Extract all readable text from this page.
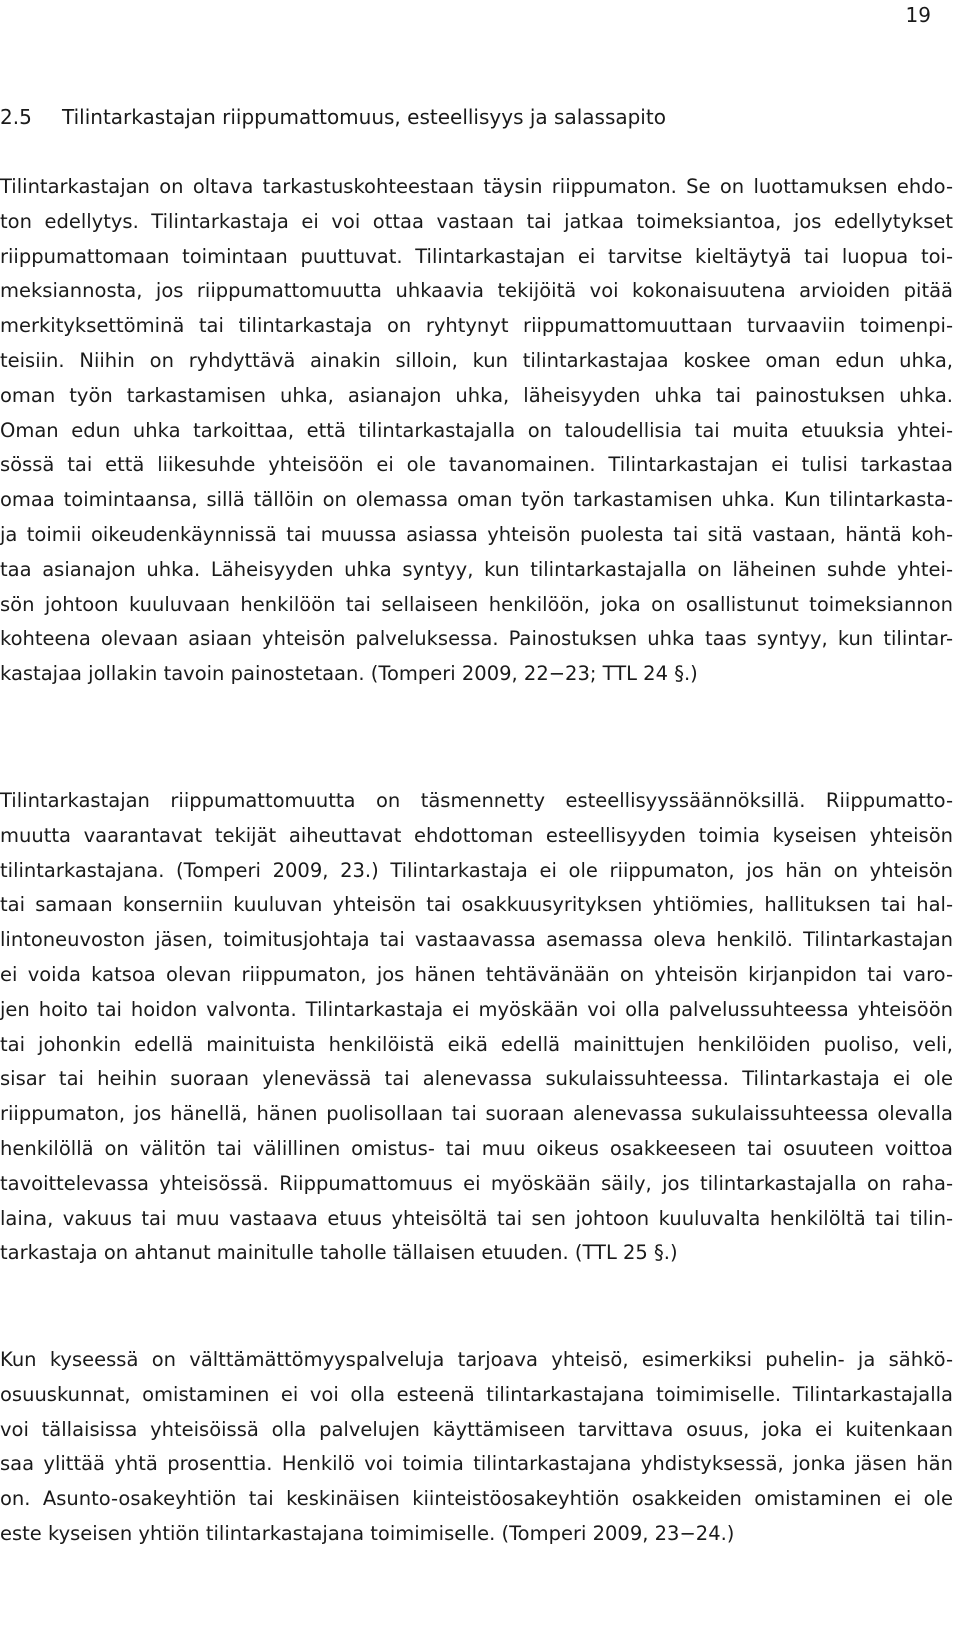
19
2.5 Tilintarkastajan riippumattomuus, esteellisyys ja salassapito
Tilintarkastajan on oltava tarkastuskohteestaan täysin riippumaton. Se on luottamuksen ehdo-
ton edellytys. Tilintarkastaja ei voi ottaa vastaan tai jatkaa toimeksiantoa, jos edellytykset
riippumattomaan toimintaan puuttuvat. Tilintarkastajan ei tarvitse kieltäytyä tai luopua toi-
meksiannosta, jos riippumattomuutta uhkaavia tekijöitä voi kokonaisuutena arvioiden pitää
merkityksettöminä tai tilintarkastaja on ryhtynyt riippumattomuuttaan turvaaviin toimenpi-
teisiin. Niihin on ryhdyttävä ainakin silloin, kun tilintarkastajaa koskee oman edun uhka,
oman työn tarkastamisen uhka, asianajon uhka, läheisyyden uhka tai painostuksen uhka.
Oman edun uhka tarkoittaa, että tilintarkastajalla on taloudellisia tai muita etuuksia yhtei-
sössä tai että liikesuhde yhteisöön ei ole tavanomainen. Tilintarkastajan ei tulisi tarkastaa
omaa toimintaansa, sillä tällöin on olemassa oman työn tarkastamisen uhka. Kun tilintarkasta-
ja toimii oikeudenkäynnissä tai muussa asiassa yhteisön puolesta tai sitä vastaan, häntä koh-
taa asianajon uhka. Läheisyyden uhka syntyy, kun tilintarkastajalla on läheinen suhde yhtei-
sön johtoon kuuluvaan henkilöön tai sellaiseen henkilöön, joka on osallistunut toimeksiannon
kohteena olevaan asiaan yhteisön palveluksessa. Painostuksen uhka taas syntyy, kun tilintar-
kastajaa jollakin tavoin painostetaan. (Tomperi 2009, 22−23; TTL 24 §.)
Tilintarkastajan riippumattomuutta on täsmennetty esteellisyyssäännöksillä. Riippumatto-
muutta vaarantavat tekijät aiheuttavat ehdottoman esteellisyyden toimia kyseisen yhteisön
tilintarkastajana. (Tomperi 2009, 23.) Tilintarkastaja ei ole riippumaton, jos hän on yhteisön
tai samaan konserniin kuuluvan yhteisön tai osakkuusyrityksen yhtiömies, hallituksen tai hal-
lintoneuvoston jäsen, toimitusjohtaja tai vastaavassa asemassa oleva henkilö. Tilintarkastajan
ei voida katsoa olevan riippumaton, jos hänen tehtävänään on yhteisön kirjanpidon tai varo-
jen hoito tai hoidon valvonta. Tilintarkastaja ei myöskään voi olla palvelussuhteessa yhteisöön
tai johonkin edellä mainituista henkilöistä eikä edellä mainittujen henkilöiden puoliso, veli,
sisar tai heihin suoraan ylenevässä tai alenevassa sukulaissuhteessa. Tilintarkastaja ei ole
riippumaton, jos hänellä, hänen puolisollaan tai suoraan alenevassa sukulaissuhteessa olevalla
henkilöllä on välitön tai välillinen omistus- tai muu oikeus osakkeeseen tai osuuteen voittoa
tavoittelevassa yhteisössä. Riippumattomuus ei myöskään säily, jos tilintarkastajalla on raha-
laina, vakuus tai muu vastaava etuus yhteisöltä tai sen johtoon kuuluvalta henkilöltä tai tilin-
tarkastaja on ahtanut mainitulle taholle tällaisen etuuden. (TTL 25 §.)
Kun kyseessä on välttämättömyyspalveluja tarjoava yhteisö, esimerkiksi puhelin- ja sähkö-
osuuskunnat, omistaminen ei voi olla esteenä tilintarkastajana toimimiselle. Tilintarkastajalla
voi tällaisissa yhteisöissä olla palvelujen käyttämiseen tarvittava osuus, joka ei kuitenkaan
saa ylittää yhtä prosenttia. Henkilö voi toimia tilintarkastajana yhdistyksessä, jonka jäsen hän
on. Asunto-osakeyhtiön tai keskinäisen kiinteistöosakeyhtiön osakkeiden omistaminen ei ole
este kyseisen yhtiön tilintarkastajana toimimiselle. (Tomperi 2009, 23−24.)
